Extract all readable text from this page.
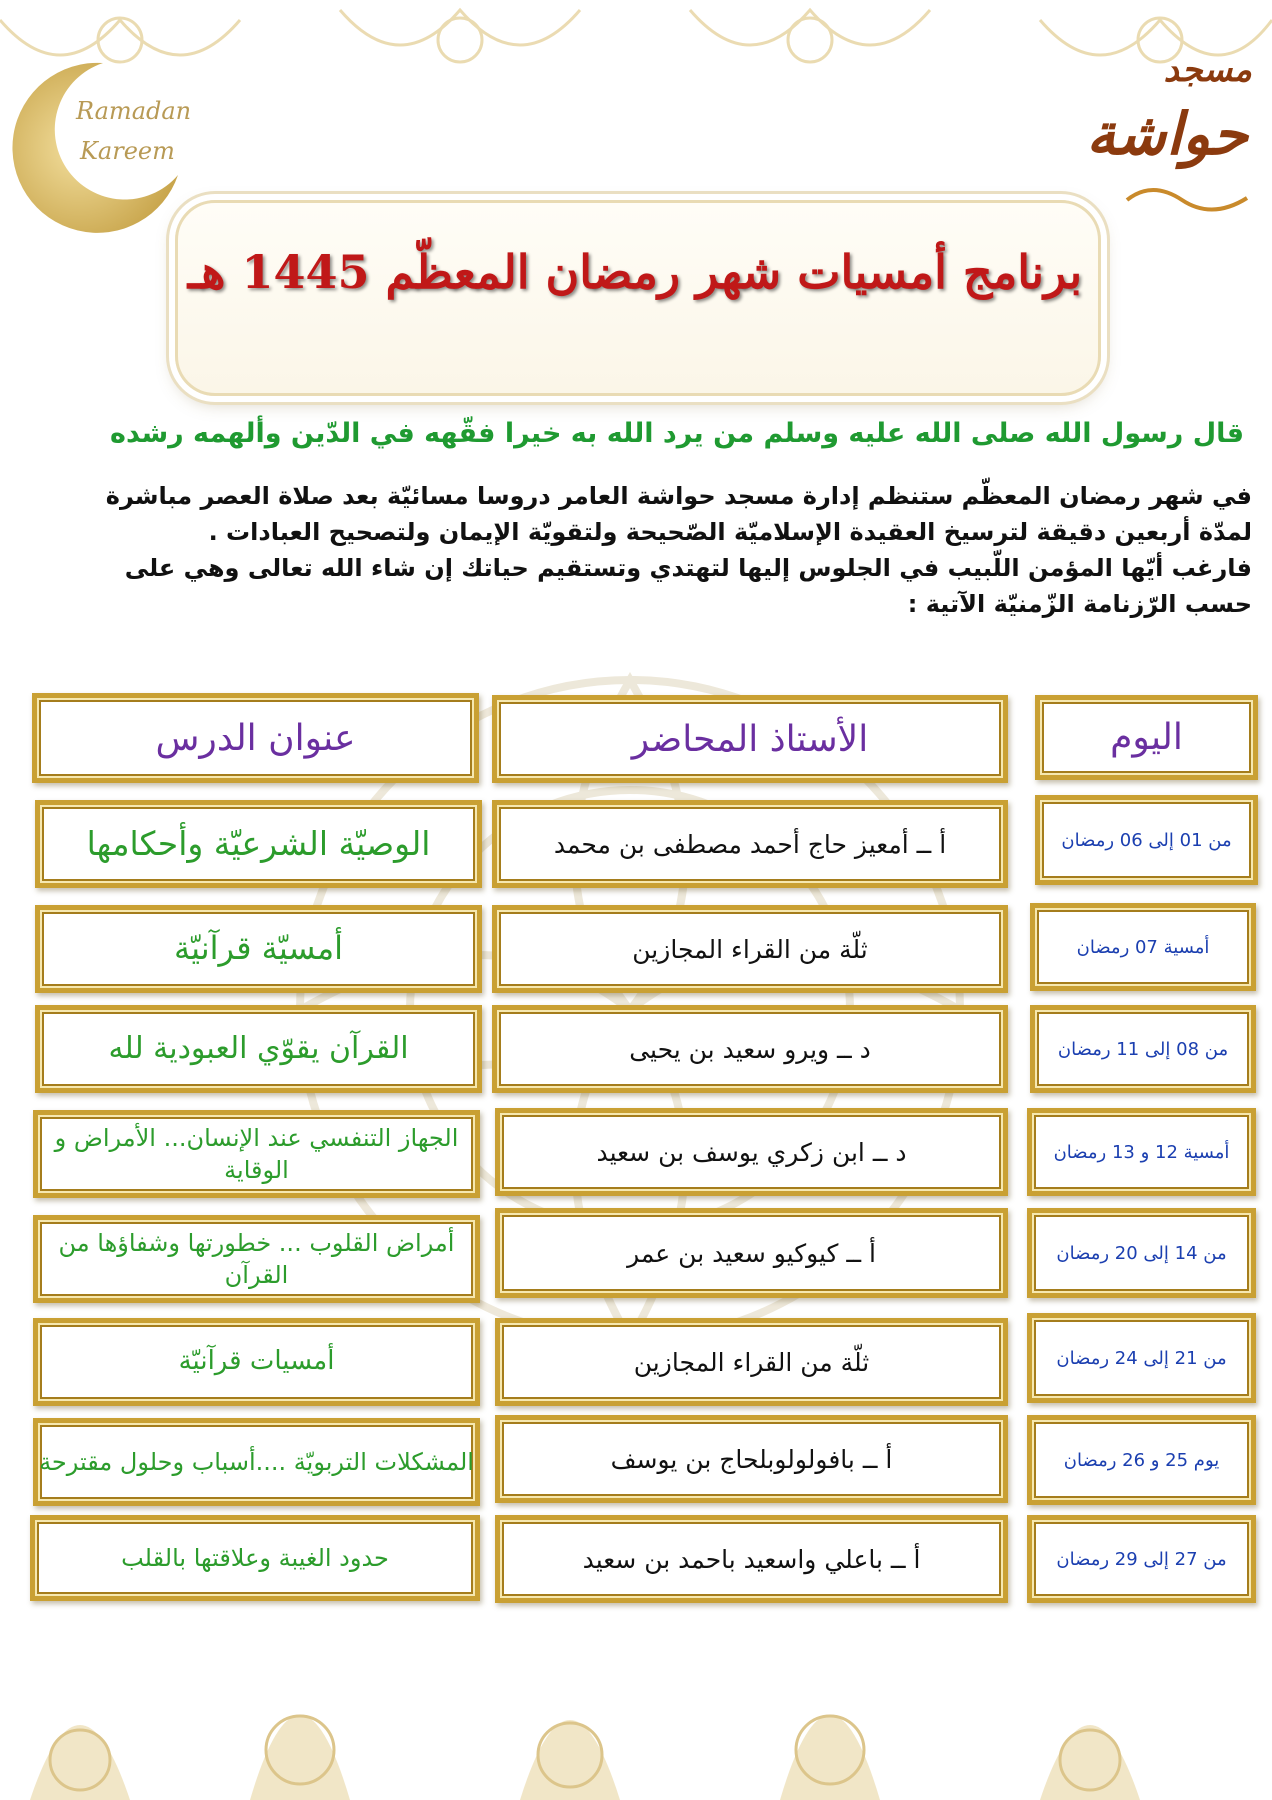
Ramadan
Kareem
مسجد
حواشة
برنامج أمسيات شهر رمضان المعظّم 1445 هـ
قال رسول الله صلى الله عليه وسلم من يرد الله به خيرا فقّهه في الدّين وألهمه رشده
في شهر رمضان المعظّم ستنظم إدارة مسجد حواشة العامر دروسا مسائيّة بعد صلاة العصر مباشرة
لمدّة أربعين دقيقة لترسيخ العقيدة الإسلاميّة الصّحيحة ولتقويّة الإيمان ولتصحيح العبادات .
فارغب أيّها المؤمن اللّبيب في الجلوس إليها لتهتدي وتستقيم حياتك إن شاء الله تعالى وهي على
حسب الرّزنامة الزّمنيّة الآتية :
اليوم
الأستاذ المحاضر
عنوان الدرس
من 01 إلى 06 رمضان
أ ــ أمعيز حاج أحمد مصطفى بن محمد
الوصيّة الشرعيّة وأحكامها
أمسية 07 رمضان
ثلّة من القراء المجازين
أمسيّة قرآنيّة
من 08 إلى 11 رمضان
د ــ ويرو سعيد بن يحيى
القرآن يقوّي العبودية لله
أمسية 12 و 13 رمضان
د ــ ابن زكري يوسف بن سعيد
الجهاز التنفسي عند الإنسان... الأمراض و الوقاية
من 14 إلى 20 رمضان
أ ــ كيوكيو سعيد بن عمر
أمراض القلوب ... خطورتها وشفاؤها من القرآن
من 21 إلى 24 رمضان
ثلّة من القراء المجازين
أمسيات قرآنيّة
يوم 25 و 26 رمضان
أ ــ بافولولوبلحاج بن يوسف
المشكلات التربويّة ....أسباب وحلول مقترحة
من 27 إلى 29 رمضان
أ ــ باعلي واسعيد باحمد بن سعيد
حدود الغيبة وعلاقتها بالقلب
